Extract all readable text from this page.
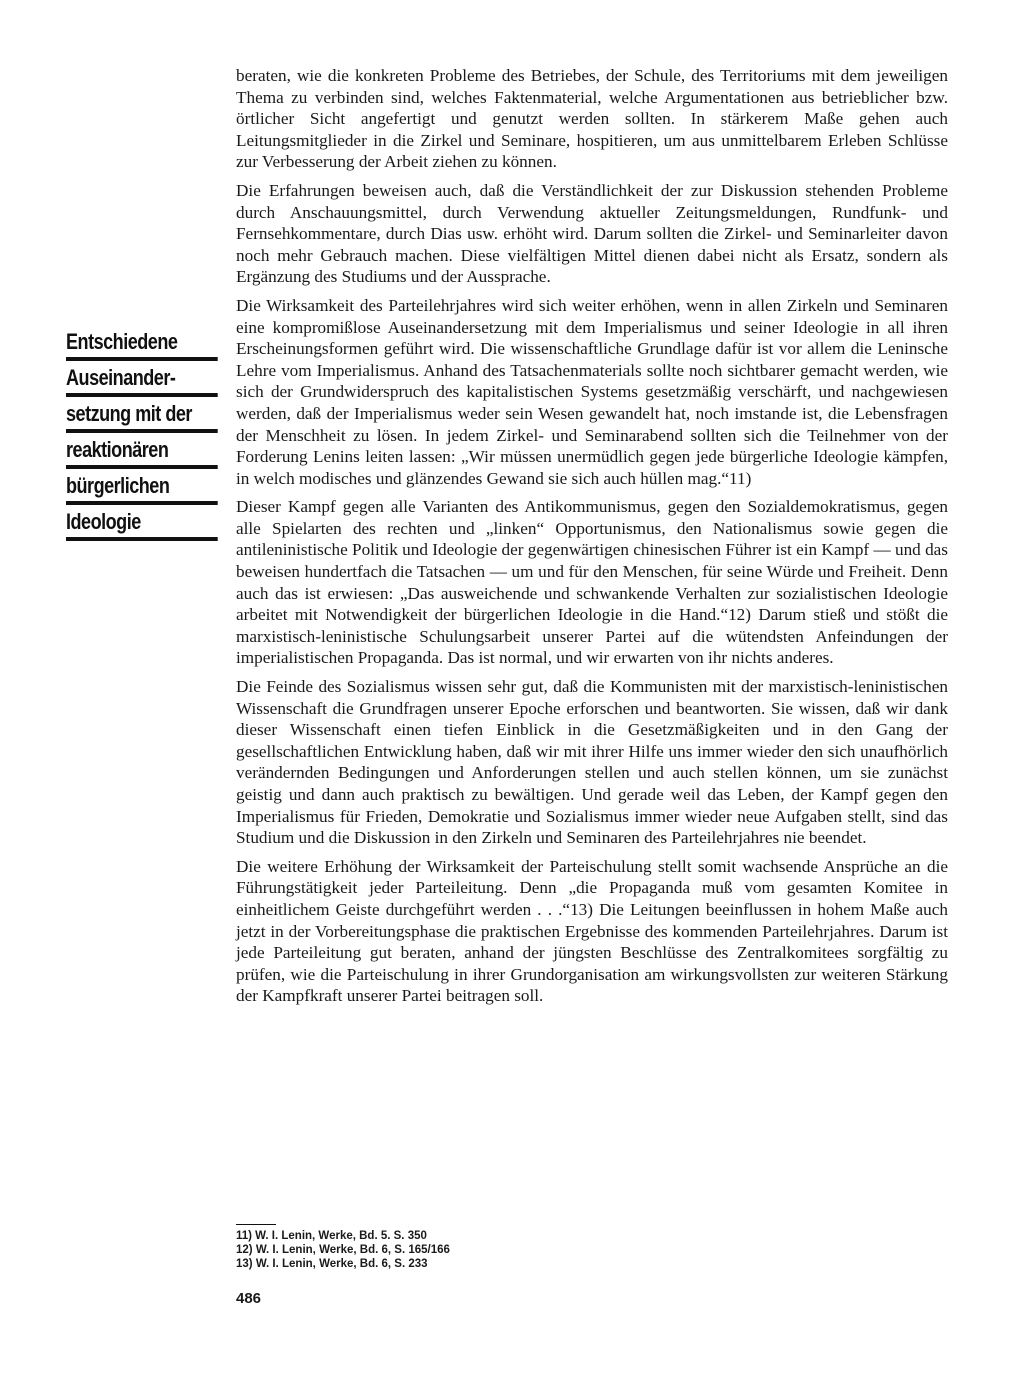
Entschiedene
Auseinander-
setzung mit der
reaktionären
bürgerlichen
Ideologie

beraten, wie die konkreten Probleme des Betriebes, der Schule, des Territoriums mit dem jeweiligen Thema zu verbinden sind, welches Faktenmaterial, welche Argumentationen aus betrieblicher bzw. örtlicher Sicht angefertigt und genutzt werden sollten. In stärkerem Maße gehen auch Leitungsmitglieder in die Zirkel und Seminare, hospitieren, um aus unmittelbarem Erleben Schlüsse zur Verbesserung der Arbeit ziehen zu können.

Die Erfahrungen beweisen auch, daß die Verständlichkeit der zur Diskussion stehenden Probleme durch Anschauungsmittel, durch Verwendung aktueller Zeitungsmeldungen, Rundfunk- und Fernsehkommentare, durch Dias usw. erhöht wird. Darum sollten die Zirkel- und Seminarleiter davon noch mehr Gebrauch machen. Diese vielfältigen Mittel dienen dabei nicht als Ersatz, sondern als Ergänzung des Studiums und der Aussprache.

Die Wirksamkeit des Parteilehrjahres wird sich weiter erhöhen, wenn in allen Zirkeln und Seminaren eine kompromißlose Auseinandersetzung mit dem Imperialismus und seiner Ideologie in all ihren Erscheinungsformen geführt wird. Die wissenschaftliche Grundlage dafür ist vor allem die Leninsche Lehre vom Imperialismus. Anhand des Tatsachenmaterials sollte noch sichtbarer gemacht werden, wie sich der Grundwiderspruch des kapitalistischen Systems gesetzmäßig verschärft, und nachgewiesen werden, daß der Imperialismus weder sein Wesen gewandelt hat, noch imstande ist, die Lebensfragen der Menschheit zu lösen. In jedem Zirkel- und Seminarabend sollten sich die Teilnehmer von der Forderung Lenins leiten lassen: „Wir müssen unermüdlich gegen jede bürgerliche Ideologie kämpfen, in welch modisches und glänzendes Gewand sie sich auch hüllen mag.“11)

Dieser Kampf gegen alle Varianten des Antikommunismus, gegen den Sozialdemokratismus, gegen alle Spielarten des rechten und „linken“ Opportunismus, den Nationalismus sowie gegen die antileninistische Politik und Ideologie der gegenwärtigen chinesischen Führer ist ein Kampf — und das beweisen hundertfach die Tatsachen — um und für den Menschen, für seine Würde und Freiheit. Denn auch das ist erwiesen: „Das ausweichende und schwankende Verhalten zur sozialistischen Ideologie arbeitet mit Notwendigkeit der bürgerlichen Ideologie in die Hand.“12) Darum stieß und stößt die marxistisch-leninistische Schulungsarbeit unserer Partei auf die wütendsten Anfeindungen der imperialistischen Propaganda. Das ist normal, und wir erwarten von ihr nichts anderes.

Die Feinde des Sozialismus wissen sehr gut, daß die Kommunisten mit der marxistisch-leninistischen Wissenschaft die Grundfragen unserer Epoche erforschen und beantworten. Sie wissen, daß wir dank dieser Wissenschaft einen tiefen Einblick in die Gesetzmäßigkeiten und in den Gang der gesellschaftlichen Entwicklung haben, daß wir mit ihrer Hilfe uns immer wieder den sich unaufhörlich verändernden Bedingungen und Anforderungen stellen und auch stellen können, um sie zunächst geistig und dann auch praktisch zu bewältigen. Und gerade weil das Leben, der Kampf gegen den Imperialismus für Frieden, Demokratie und Sozialismus immer wieder neue Aufgaben stellt, sind das Studium und die Diskussion in den Zirkeln und Seminaren des Parteilehrjahres nie beendet.

Die weitere Erhöhung der Wirksamkeit der Parteischulung stellt somit wachsende Ansprüche an die Führungstätigkeit jeder Parteileitung. Denn „die Propaganda muß vom gesamten Komitee in einheitlichem Geiste durchgeführt werden . . .“13) Die Leitungen beeinflussen in hohem Maße auch jetzt in der Vorbereitungsphase die praktischen Ergebnisse des kommenden Parteilehrjahres. Darum ist jede Parteileitung gut beraten, anhand der jüngsten Beschlüsse des Zentralkomitees sorgfältig zu prüfen, wie die Parteischulung in ihrer Grundorganisation am wirkungsvollsten zur weiteren Stärkung der Kampfkraft unserer Partei beitragen soll.

11) W. I. Lenin, Werke, Bd. 5. S. 350
12) W. I. Lenin, Werke, Bd. 6, S. 165/166
13) W. I. Lenin, Werke, Bd. 6, S. 233
486
